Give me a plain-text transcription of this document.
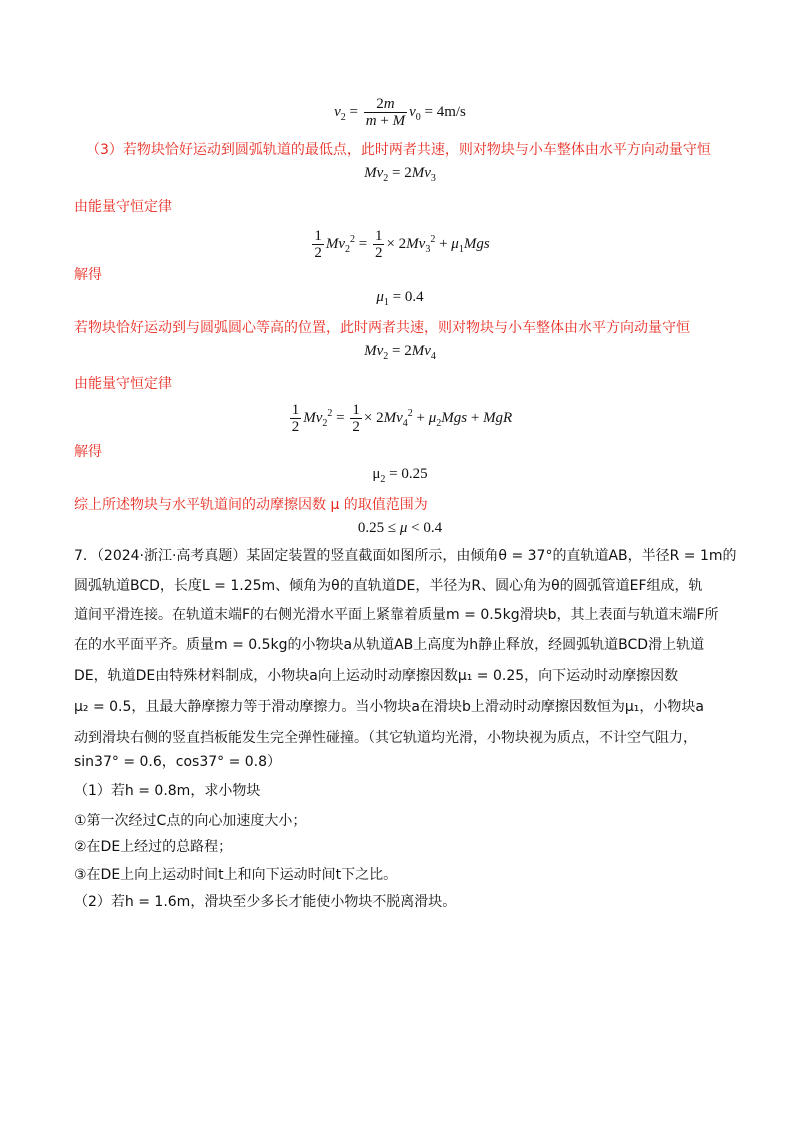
$v_2 = \frac{2m}{m + M} v_0 = 4m/s$
（3）若物块恰好运动到圆弧轨道的最低点，此时两者共速，则对物块与小车整体由水平方向动量守恒
$Mv_2 = 2Mv_3$
由能量守恒定律
$\frac{1}{2} Mv_2^2 = \frac{1}{2} \times 2Mv_3^2 + \mu_1Mgs$
解得
$\mu_1 = 0.4$
若物块恰好运动到与圆弧圆心等高的位置，此时两者共速，则对物块与小车整体由水平方向动量守恒
$Mv_2 = 2Mv_4$
由能量守恒定律
$\frac{1}{2} Mv_2^2 = \frac{1}{2} \times 2Mv_4^2 + \mu_2Mgs$ + MgR
解得
$\mu_2 = 0.25$
综上所述物块与水平轨道间的动摩擦因数 μ 的取值范围为
0.25 ≤ μ < 0.4
7．（2024·浙江·高考真题）某固定装置的竖直截面如图所示，由倾角θ = 37°的直轨道AB，半径R = 1m的
圆弧轨道BCD，长度L = 1.25m、倾角为θ的直轨道DE，半径为R、圆心角为θ的圆弧管道EF组成，轨
道间平滑连接。在轨道末端F的右侧光滑水平面上紧靠着质量m = 0.5kg滑块b，其上表面与轨道末端F所
在的水平面平齐。质量m = 0.5kg的小物块a从轨道AB上高度为h静止释放，经圆弧轨道BCD滑上轨道
DE，轨道DE由特殊材料制成，小物块a向上运动时动摩擦因数μ₁ = 0.25，向下运动时动摩擦因数
μ₂ = 0.5，且最大静摩擦力等于滑动摩擦力。当小物块a在滑块b上滑动时动摩擦因数恒为μ₁，小物块a
动到滑块右侧的竖直挡板能发生完全弹性碰撞。（其它轨道均光滑，小物块视为质点，不计空气阻力，
sin37° = 0.6，cos37° = 0.8）
（1）若h = 0.8m，求小物块
①第一次经过C点的向心加速度大小；
②在DE上经过的总路程；
③在DE上向上运动时间t上和向下运动时间t下之比。
（2）若h = 1.6m，滑块至少多长才能使小物块不脱离滑块。
